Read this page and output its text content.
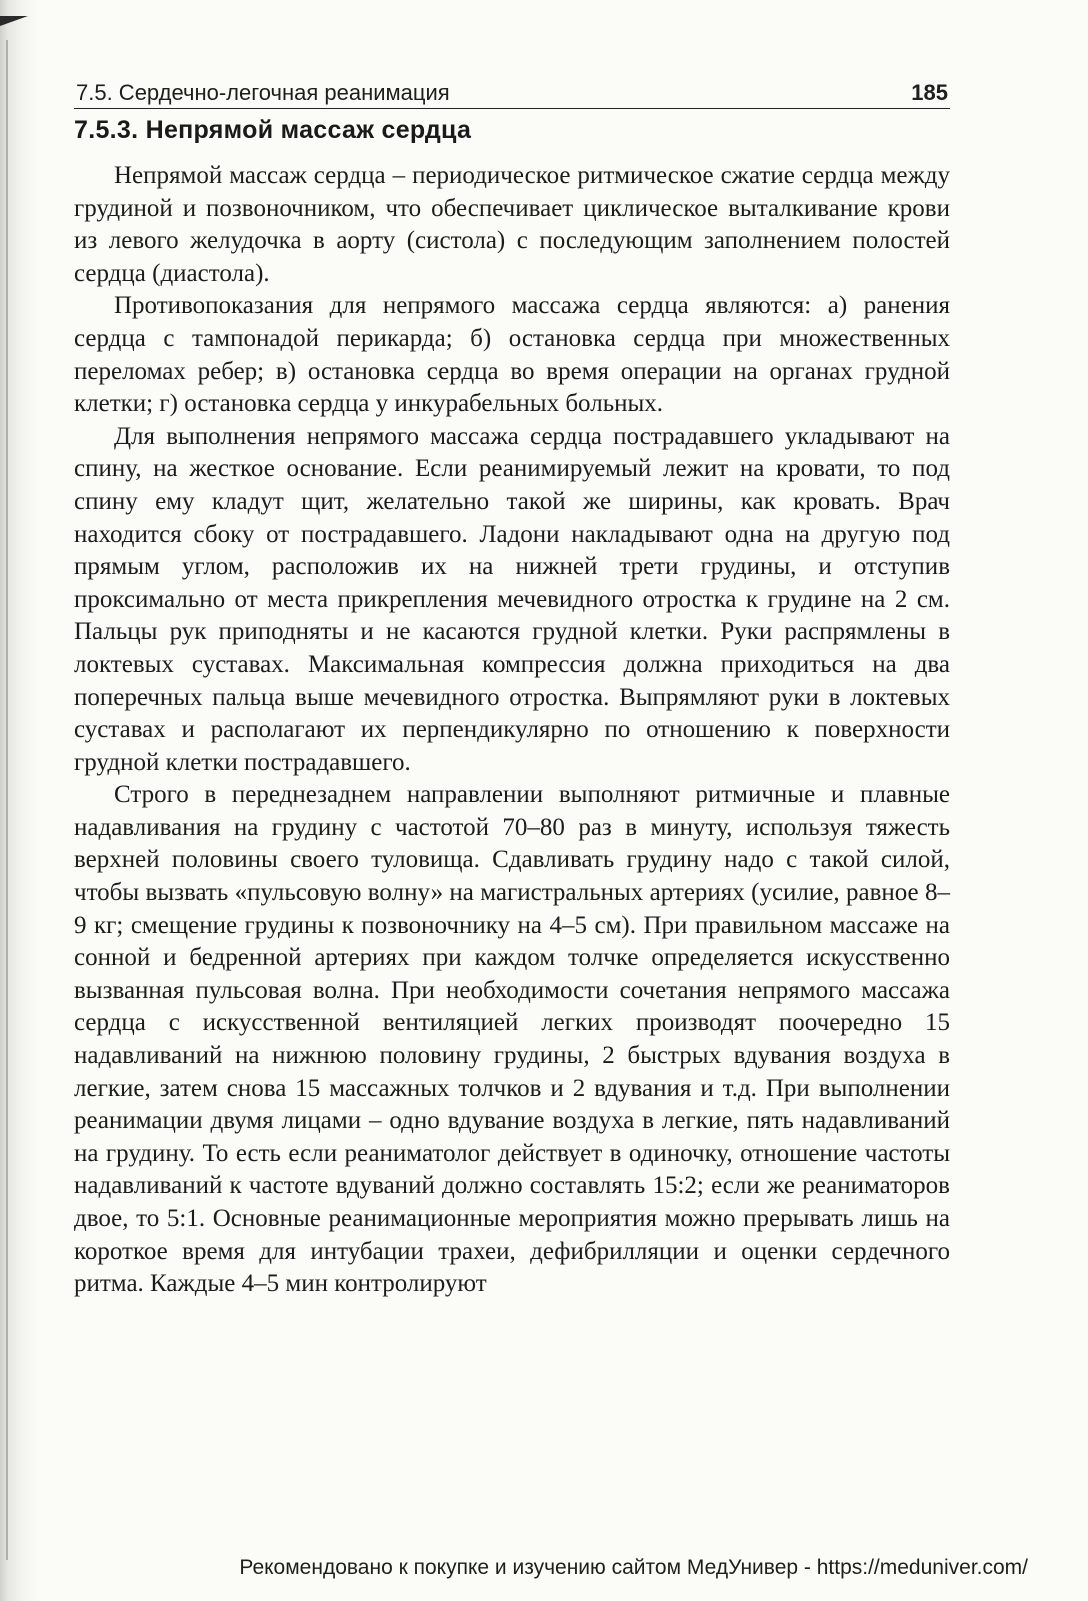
7.5. Сердечно-легочная реанимация	185
7.5.3. Непрямой массаж сердца

Непрямой массаж сердца – периодическое ритмическое сжатие сердца между грудиной и позвоночником, что обеспечивает циклическое выталкивание крови из левого желудочка в аорту (систола) с последующим заполнением полостей сердца (диастола).

Противопоказания для непрямого массажа сердца являются: а) ранения сердца с тампонадой перикарда; б) остановка сердца при множественных переломах ребер; в) остановка сердца во время операции на органах грудной клетки; г) остановка сердца у инкурабельных больных.

Для выполнения непрямого массажа сердца пострадавшего укладывают на спину, на жесткое основание. Если реанимируемый лежит на кровати, то под спину ему кладут щит, желательно такой же ширины, как кровать. Врач находится сбоку от пострадавшего. Ладони накладывают одна на другую под прямым углом, расположив их на нижней трети грудины, и отступив проксимально от места прикрепления мечевидного отростка к грудине на 2 см. Пальцы рук приподняты и не касаются грудной клетки. Руки распрямлены в локтевых суставах. Максимальная компрессия должна приходиться на два поперечных пальца выше мечевидного отростка. Выпрямляют руки в локтевых суставах и располагают их перпендикулярно по отношению к поверхности грудной клетки пострадавшего.

Строго в переднезаднем направлении выполняют ритмичные и плавные надавливания на грудину с частотой 70–80 раз в минуту, используя тяжесть верхней половины своего туловища. Сдавливать грудину надо с такой силой, чтобы вызвать «пульсовую волну» на магистральных артериях (усилие, равное 8–9 кг; смещение грудины к позвоночнику на 4–5 см). При правильном массаже на сонной и бедренной артериях при каждом толчке определяется искусственно вызванная пульсовая волна. При необходимости сочетания непрямого массажа сердца с искусственной вентиляцией легких производят поочередно 15 надавливаний на нижнюю половину грудины, 2 быстрых вдувания воздуха в легкие, затем снова 15 массажных толчков и 2 вдувания и т.д. При выполнении реанимации двумя лицами – одно вдувание воздуха в легкие, пять надавливаний на грудину. То есть если реаниматолог действует в одиночку, отношение частоты надавливаний к частоте вдуваний должно составлять 15:2; если же реаниматоров двое, то 5:1. Основные реанимационные мероприятия можно прерывать лишь на короткое время для интубации трахеи, дефибрилляции и оценки сердечного ритма. Каждые 4–5 мин контролируют

Рекомендовано к покупке и изучению сайтом МедУнивер - https://meduniver.com/
